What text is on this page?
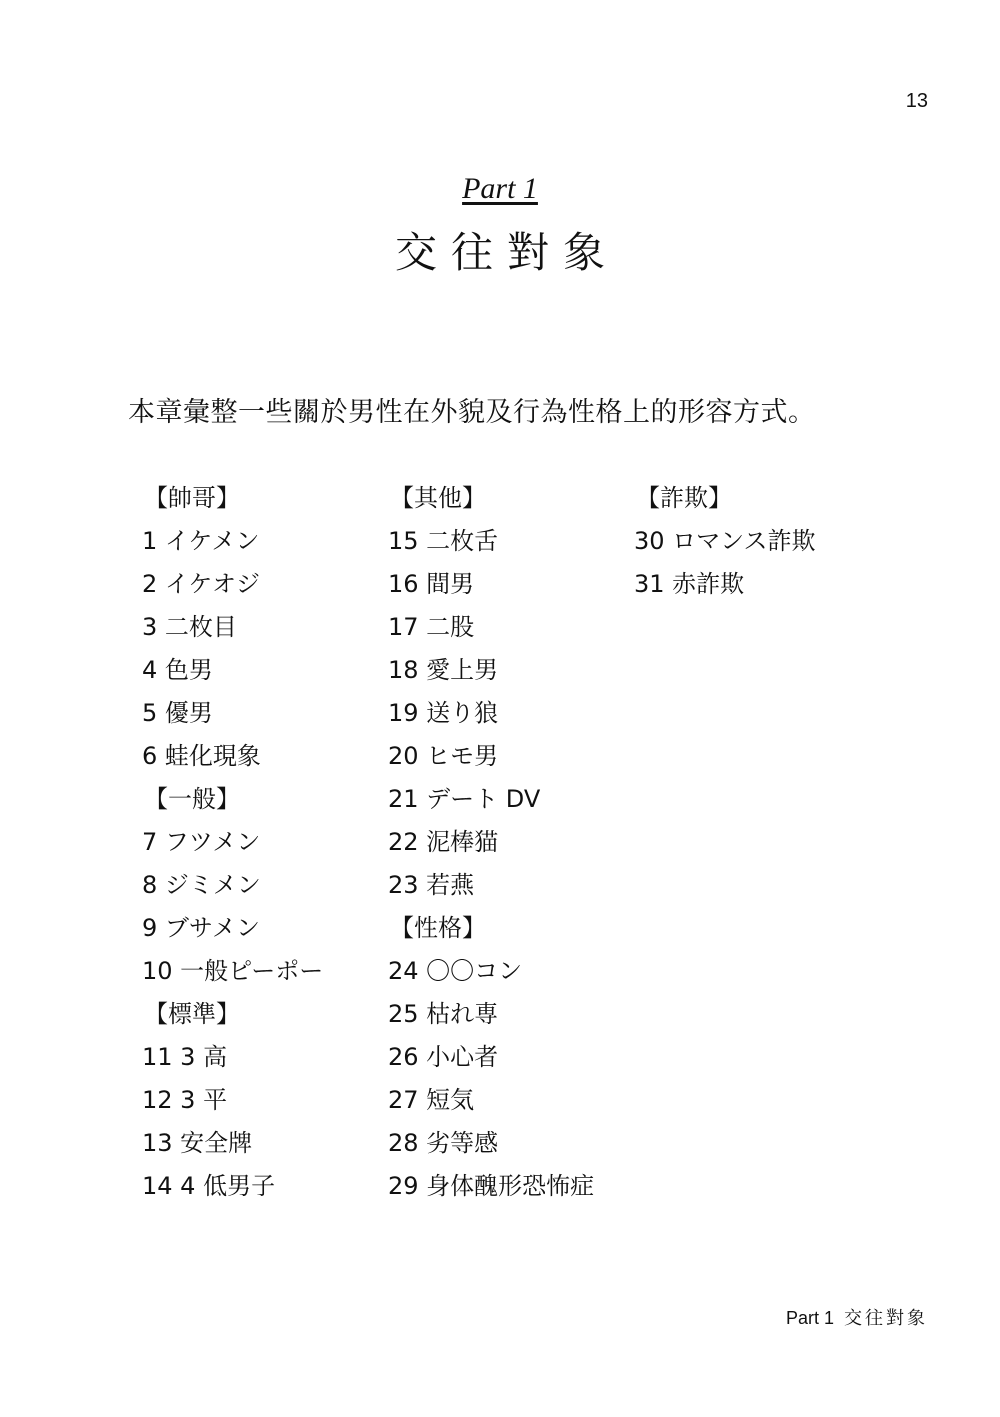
13
Part 1
交往對象
本章彙整一些關於男性在外貌及行為性格上的形容方式。
【帥哥】
1 イケメン
2 イケオジ
3 二枚目
4 色男
5 優男
6 蛙化現象
【一般】
7 フツメン
8 ジミメン
9 ブサメン
10 一般ピーポー
【標準】
11 3 高
12 3 平
13 安全牌
14 4 低男子
【其他】
15 二枚舌
16 間男
17 二股
18 愛上男
19 送り狼
20 ヒモ男
21 デート DV
22 泥棒猫
23 若燕
【性格】
24 〇〇コン
25 枯れ専
26 小心者
27 短気
28 劣等感
29 身体醜形恐怖症
【詐欺】
30 ロマンス詐欺
31 赤詐欺
Part 1 交往對象
